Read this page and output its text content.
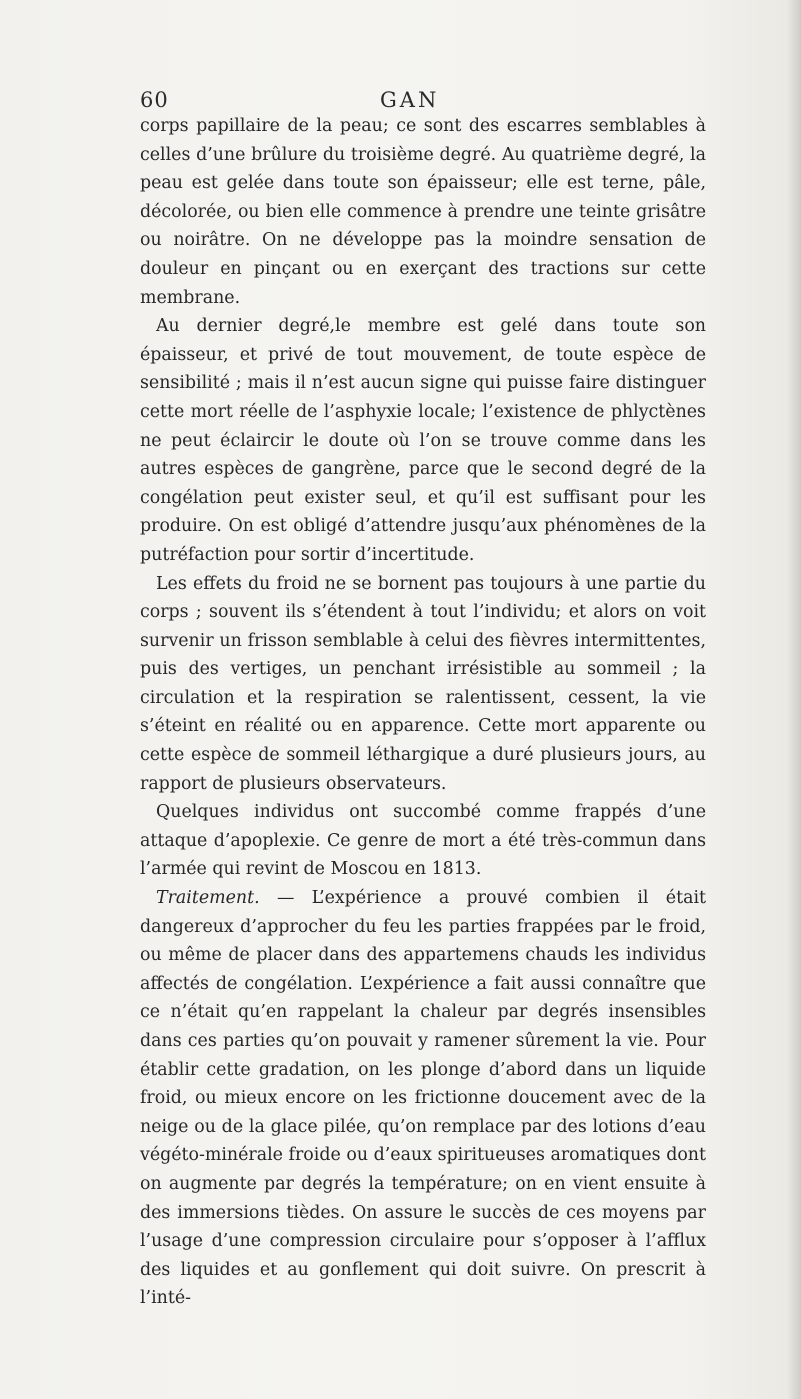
60	GAN

corps papillaire de la peau; ce sont des escarres semblables à celles d’une brûlure du troisième degré. Au quatrième degré, la peau est gelée dans toute son épaisseur; elle est terne, pâle, décolorée, ou bien elle commence à prendre une teinte grisâtre ou noirâtre. On ne développe pas la moindre sensation de douleur en pinçant ou en exerçant des tractions sur cette membrane.

Au dernier degré,le membre est gelé dans toute son épaisseur, et privé de tout mouvement, de toute espèce de sensibilité ; mais il n’est aucun signe qui puisse faire distinguer cette mort réelle de l’asphyxie locale; l’existence de phlyctènes ne peut éclaircir le doute où l’on se trouve comme dans les autres espèces de gangrène, parce que le second degré de la congélation peut exister seul, et qu’il est suffisant pour les produire. On est obligé d’attendre jusqu’aux phénomènes de la putréfaction pour sortir d’incertitude.

Les effets du froid ne se bornent pas toujours à une partie du corps ; souvent ils s’étendent à tout l’individu; et alors on voit survenir un frisson semblable à celui des fièvres intermittentes, puis des vertiges, un penchant irrésistible au sommeil ; la circulation et la respiration se ralentissent, cessent, la vie s’éteint en réalité ou en apparence. Cette mort apparente ou cette espèce de sommeil léthargique a duré plusieurs jours, au rapport de plusieurs observateurs.

Quelques individus ont succombé comme frappés d’une attaque d’apoplexie. Ce genre de mort a été très-commun dans l’armée qui revint de Moscou en 1813.

Traitement. — L’expérience a prouvé combien il était dangereux d’approcher du feu les parties frappées par le froid, ou même de placer dans des appartemens chauds les individus affectés de congélation. L’expérience a fait aussi connaître que ce n’était qu’en rappelant la chaleur par degrés insensibles dans ces parties qu’on pouvait y ramener sûrement la vie. Pour établir cette gradation, on les plonge d’abord dans un liquide froid, ou mieux encore on les frictionne doucement avec de la neige ou de la glace pilée, qu’on remplace par des lotions d’eau végéto-minérale froide ou d’eaux spiritueuses aromatiques dont on augmente par degrés la température; on en vient ensuite à des immersions tièdes. On assure le succès de ces moyens par l’usage d’une compression circulaire pour s’opposer à l’afflux des liquides et au gonflement qui doit suivre. On prescrit à l’inté-
